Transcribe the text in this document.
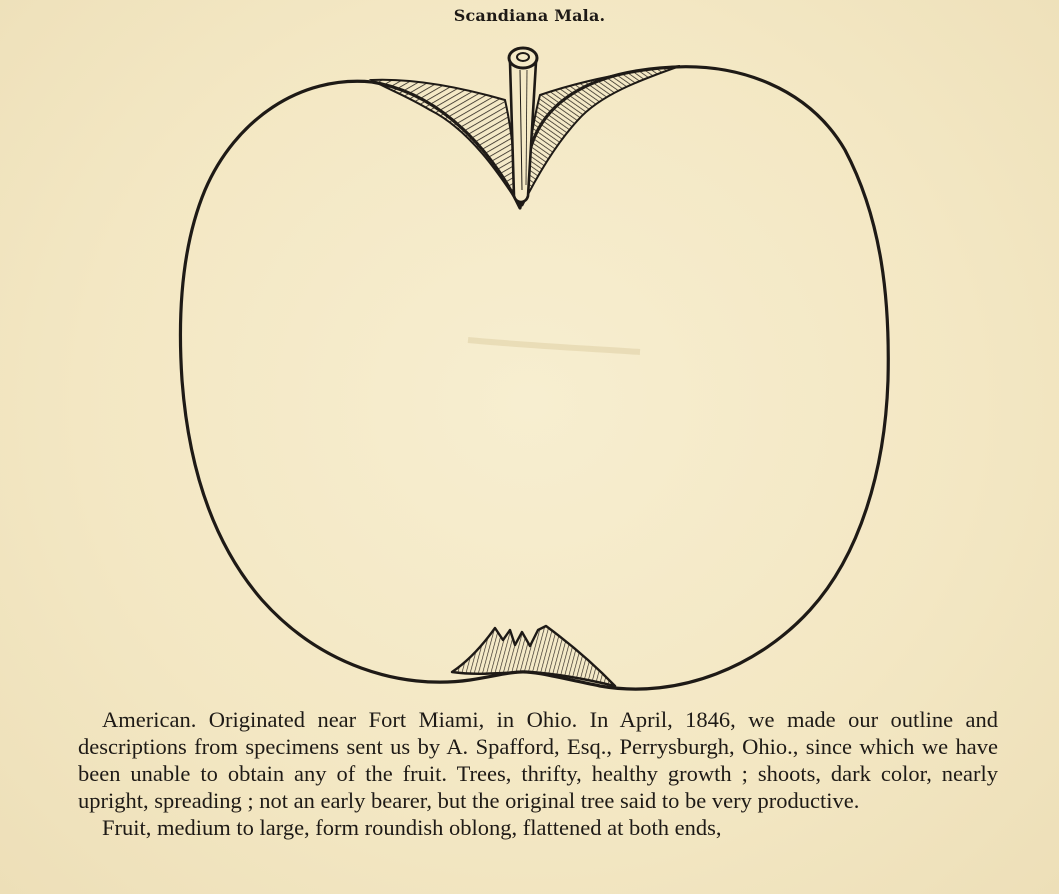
Scandiana Mala.

American. Originated near Fort Miami, in Ohio. In April, 1846, we made our outline and descriptions from specimens sent us by A. Spafford, Esq., Perrysburgh, Ohio., since which we have been unable to obtain any of the fruit. Trees, thrifty, healthy growth ; shoots, dark color, nearly upright, spreading ; not an early bearer, but the original tree said to be very productive.

Fruit, medium to large, form roundish oblong, flattened at both ends,
